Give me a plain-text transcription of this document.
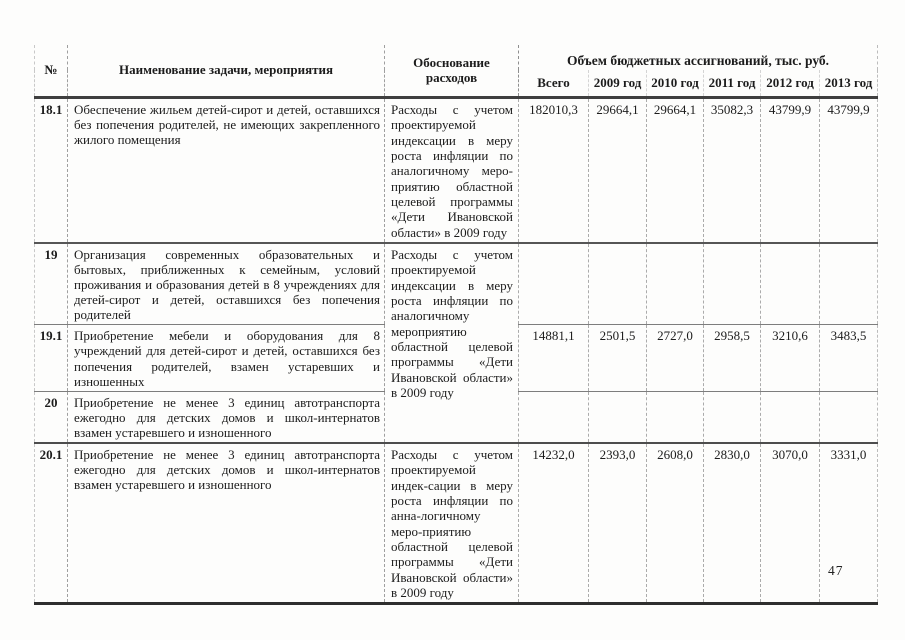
№	Наименование задачи, мероприятия	Обоснование расходов	Объем бюджетных ассигнований, тыс. руб.					
			Всего	2009 год	2010 год	2011 год	2012 год	2013 год
18.1	Обеспечение жильем детей-сирот и детей, оставшихся без попечения родителей, не имеющих закрепленного жилого помещения	Расходы с учетом проектируемой индексации в меру роста инфляции по аналогичному меро-приятию областной целевой программы «Дети Ивановской области» в 2009 году	182010,3	29664,1	29664,1	35082,3	43799,9	43799,9
19	Организация современных образовательных и бытовых, приближенных к семейным, условий проживания и образования детей в 8 учреждениях для детей-сирот и детей, оставшихся без попечения родителей	Расходы с учетом проектируемой индексации в меру роста инфляции по аналогичному мероприятию областной целевой программы «Дети Ивановской области» в 2009 году						
19.1	Приобретение мебели и оборудования для 8 учреждений для детей-сирот и детей, оставшихся без попечения родителей, взамен устаревших и изношенных		14881,1	2501,5	2727,0	2958,5	3210,6	3483,5
20	Приобретение не менее 3 единиц автотранспорта ежегодно для детских домов и школ-интернатов взамен устаревшего и изношенного							
20.1	Приобретение не менее 3 единиц автотранспорта ежегодно для детских домов и школ-интернатов взамен устаревшего и изношенного	Расходы с учетом проектируемой индек-сации в меру роста инфляции по анна-логичному меро-приятию областной целевой программы «Дети Ивановской области» в 2009 году	14232,0	2393,0	2608,0	2830,0	3070,0	3331,0
47
